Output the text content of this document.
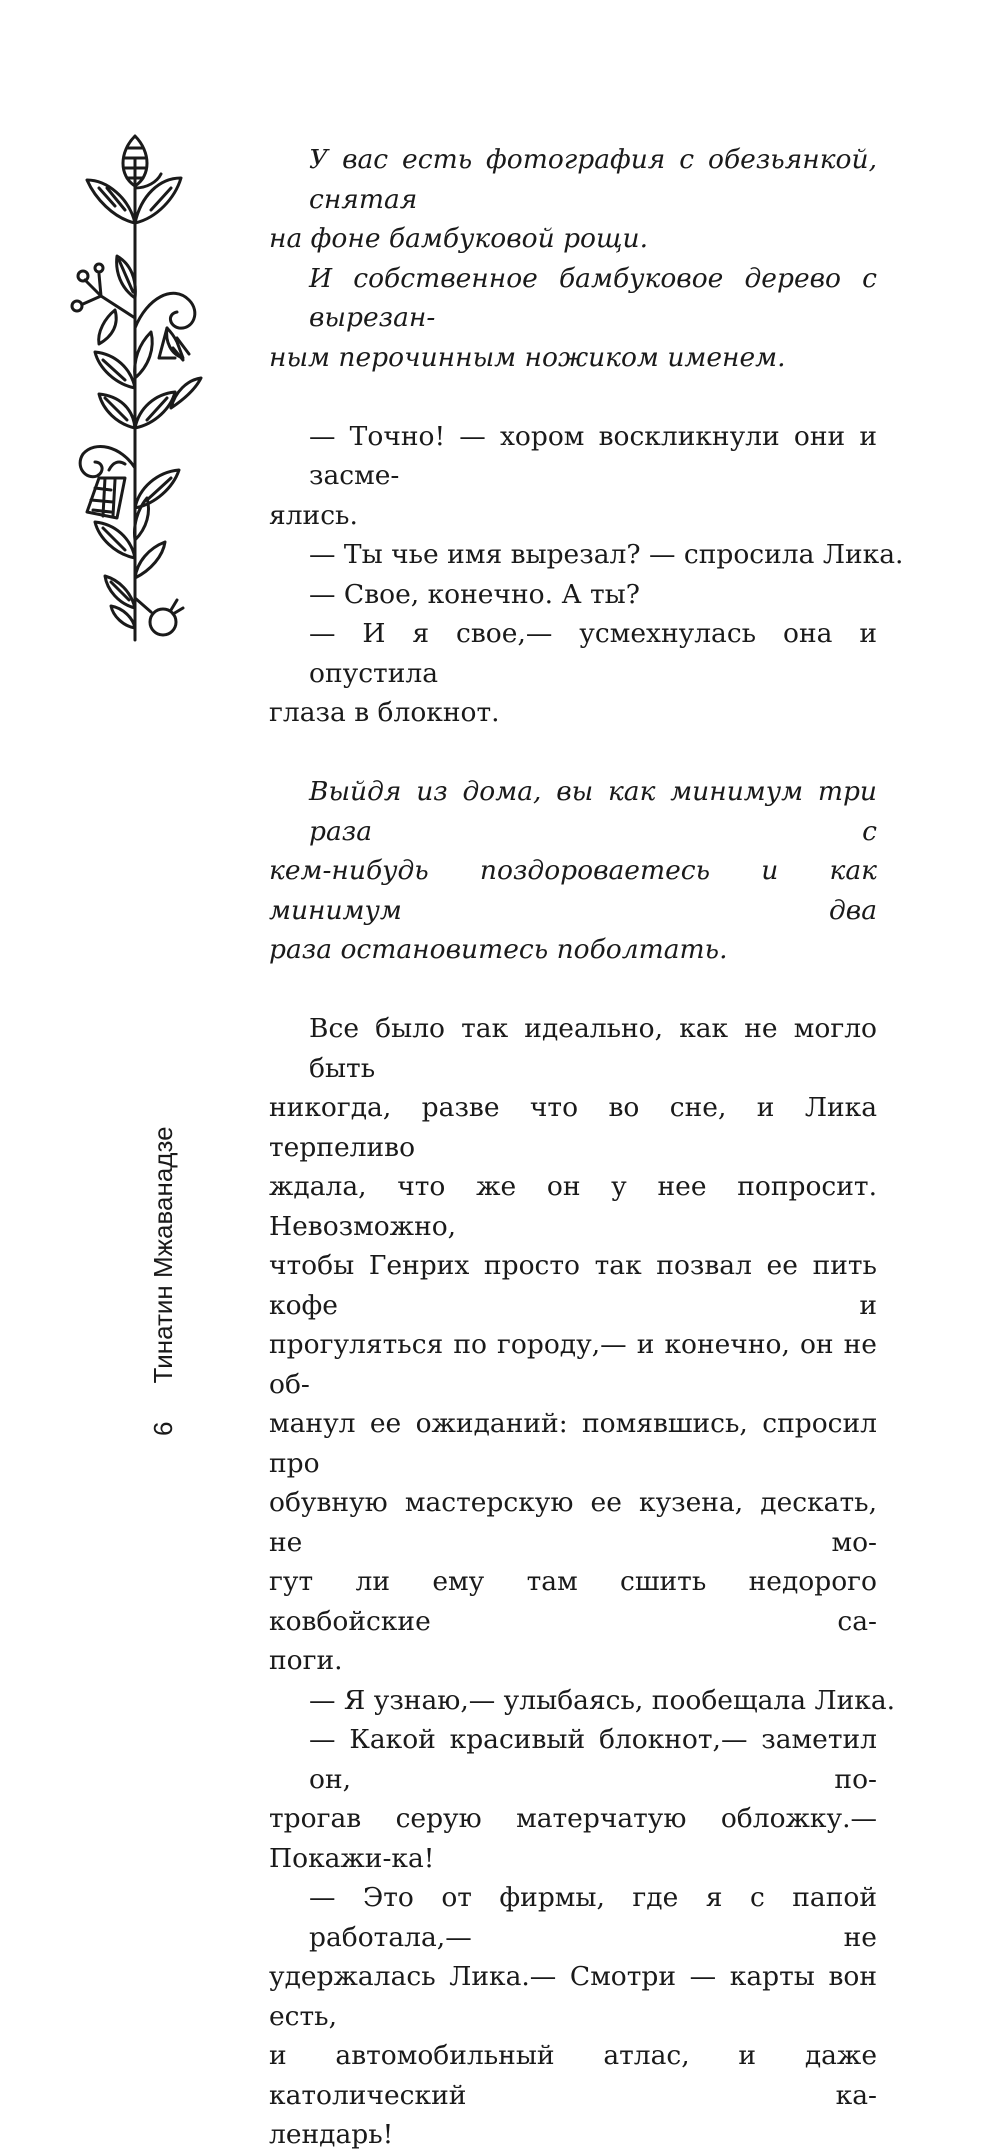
6Тинатин Мжаванадзе

У вас есть фотография с обезьянкой, снятая
на фоне бамбуковой рощи.

И собственное бамбуковое дерево с вырезан-
ным перочинным ножиком именем.

— Точно! — хором воскликнули они и засме-
ялись.

— Ты чье имя вырезал? — спросила Лика.

— Свое, конечно. А ты?

— И я свое,— усмехнулась она и опустила
глаза в блокнот.

Выйдя из дома, вы как минимум три раза с
кем-нибудь поздороваетесь и как минимум два
раза остановитесь поболтать.

Все было так идеально, как не могло быть
никогда, разве что во сне, и Лика терпеливо
ждала, что же он у нее попросит. Невозможно,
чтобы Генрих просто так позвал ее пить кофе и
прогуляться по городу,— и конечно, он не об-
манул ее ожиданий: помявшись, спросил про
обувную мастерскую ее кузена, дескать, не мо-
гут ли ему там сшить недорого ковбойские са-
поги.

— Я узнаю,— улыбаясь, пообещала Лика.

— Какой красивый блокнот,— заметил он, по-
трогав серую матерчатую обложку.— Покажи-ка!

— Это от фирмы, где я с папой работала,— не
удержалась Лика.— Смотри — карты вон есть,
и автомобильный атлас, и даже католический ка-
лендарь!
